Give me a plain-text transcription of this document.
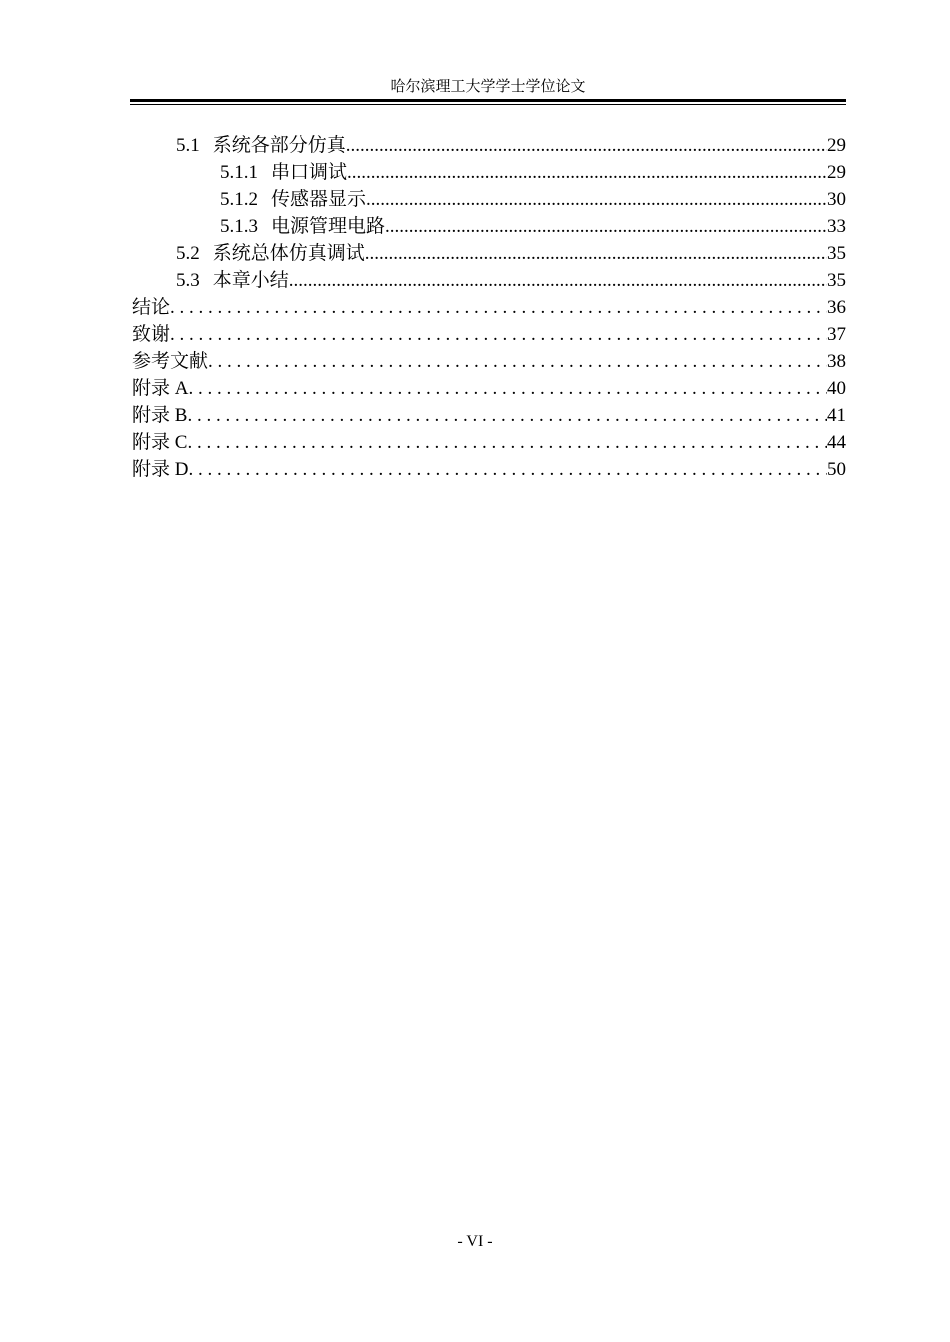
哈尔滨理工大学学士学位论文
5.1 系统各部分仿真 .....	29
5.1.1 串口调试 .....	29
5.1.2 传感器显示 .....	30
5.1.3 电源管理电路 .....	33
5.2 系统总体仿真调试 .....	35
5.3 本章小结 .....	35
结论 . . .	36
致谢 . . .	37
参考文献 . . .	38
附录 A . . .	40
附录 B . . .	41
附录 C . . .	44
附录 D . . .	50
- VI -
